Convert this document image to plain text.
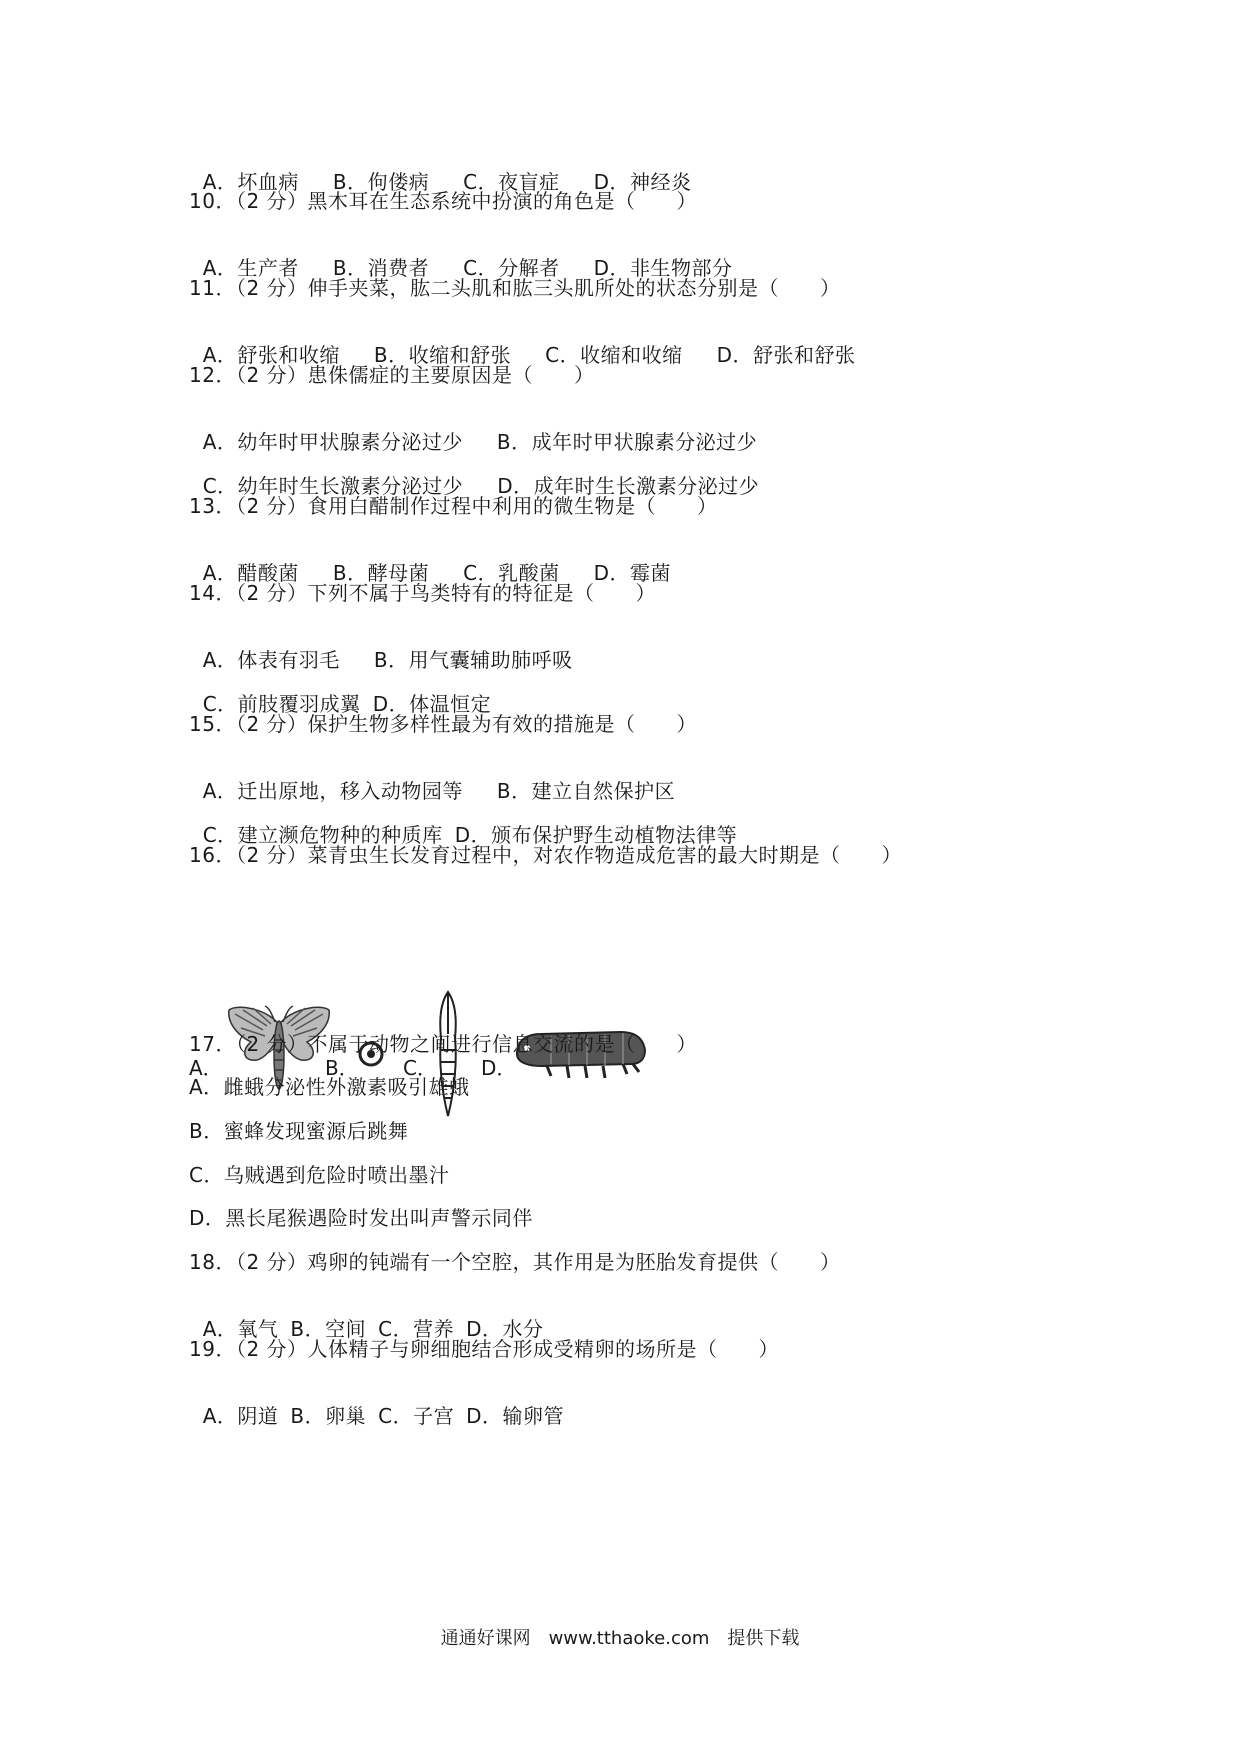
A．坏血病 B．佝偻病 C．夜盲症 D．神经炎

10．（2 分）黑木耳在生态系统中扮演的角色是（　　）

A．生产者 B．消费者 C．分解者 D．非生物部分

11．（2 分）伸手夹菜，肱二头肌和肱三头肌所处的状态分别是（　　）

A．舒张和收缩 B．收缩和舒张 C．收缩和收缩 D．舒张和舒张

12．（2 分）患侏儒症的主要原因是（　　）

A．幼年时甲状腺素分泌过少 B．成年时甲状腺素分泌过少

C．幼年时生长激素分泌过少 D．成年时生长激素分泌过少

13．（2 分）食用白醋制作过程中利用的微生物是（　　）

A．醋酸菌 B．酵母菌 C．乳酸菌 D．霉菌

14．（2 分）下列不属于鸟类特有的特征是（　　）

A．体表有羽毛 B．用气囊辅助肺呼吸

C．前肢覆羽成翼 D．体温恒定

15．（2 分）保护生物多样性最为有效的措施是（　　）

A．迁出原地，移入动物园等 B．建立自然保护区

C．建立濒危物种的种质库 D．颁布保护野生动植物法律等

16．（2 分）菜青虫生长发育过程中，对农作物造成危害的最大时期是（　　）
A．	B． C． D．
17．（2 分）不属于动物之间进行信息交流的是（　　）
A．雌蛾分泌性外激素吸引雄蛾
B．蜜蜂发现蜜源后跳舞
C．乌贼遇到危险时喷出墨汁
D．黑长尾猴遇险时发出叫声警示同伴
18．（2 分）鸡卵的钝端有一个空腔，其作用是为胚胎发育提供（　　）

A．氧气 B．空间 C．营养 D．水分

19．（2 分）人体精子与卵细胞结合形成受精卵的场所是（　　）

A．阴道 B．卵巢 C．子宫 D．输卵管

通通好课网　www.tthaoke.com　提供下载
